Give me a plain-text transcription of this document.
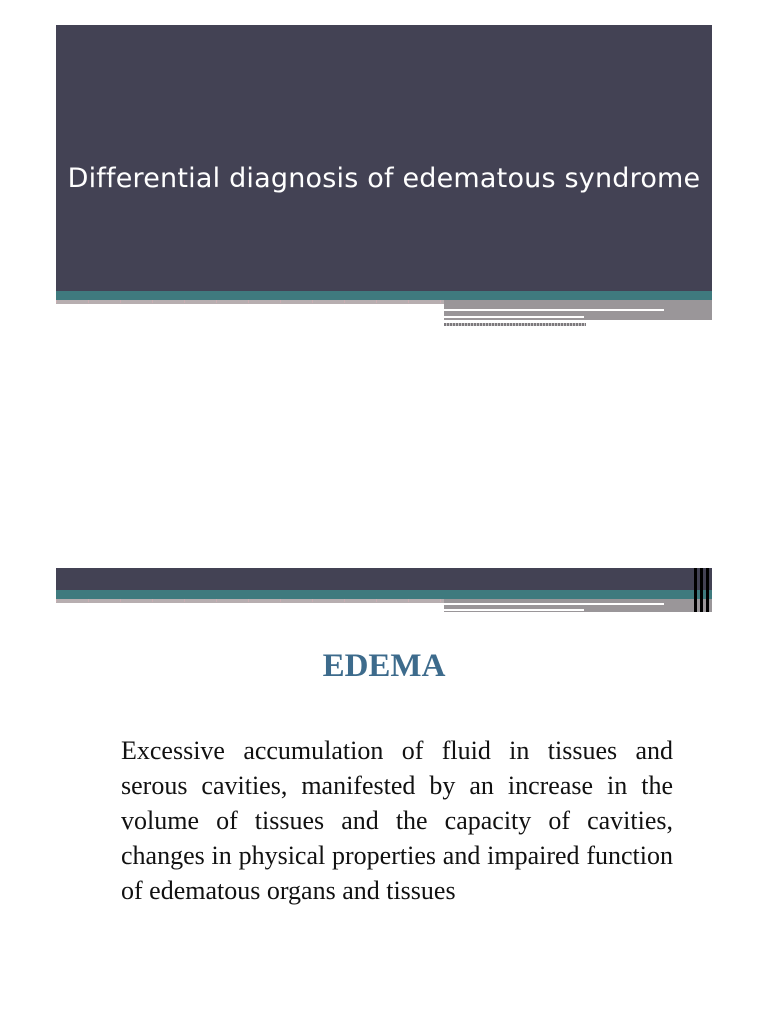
Differential diagnosis of edematous syndrome
EDEMA
Excessive accumulation of fluid in tissues and serous cavities, manifested by an increase in the volume of tissues and the capacity of cavities, changes in physical properties and impaired function of edematous organs and tissues
